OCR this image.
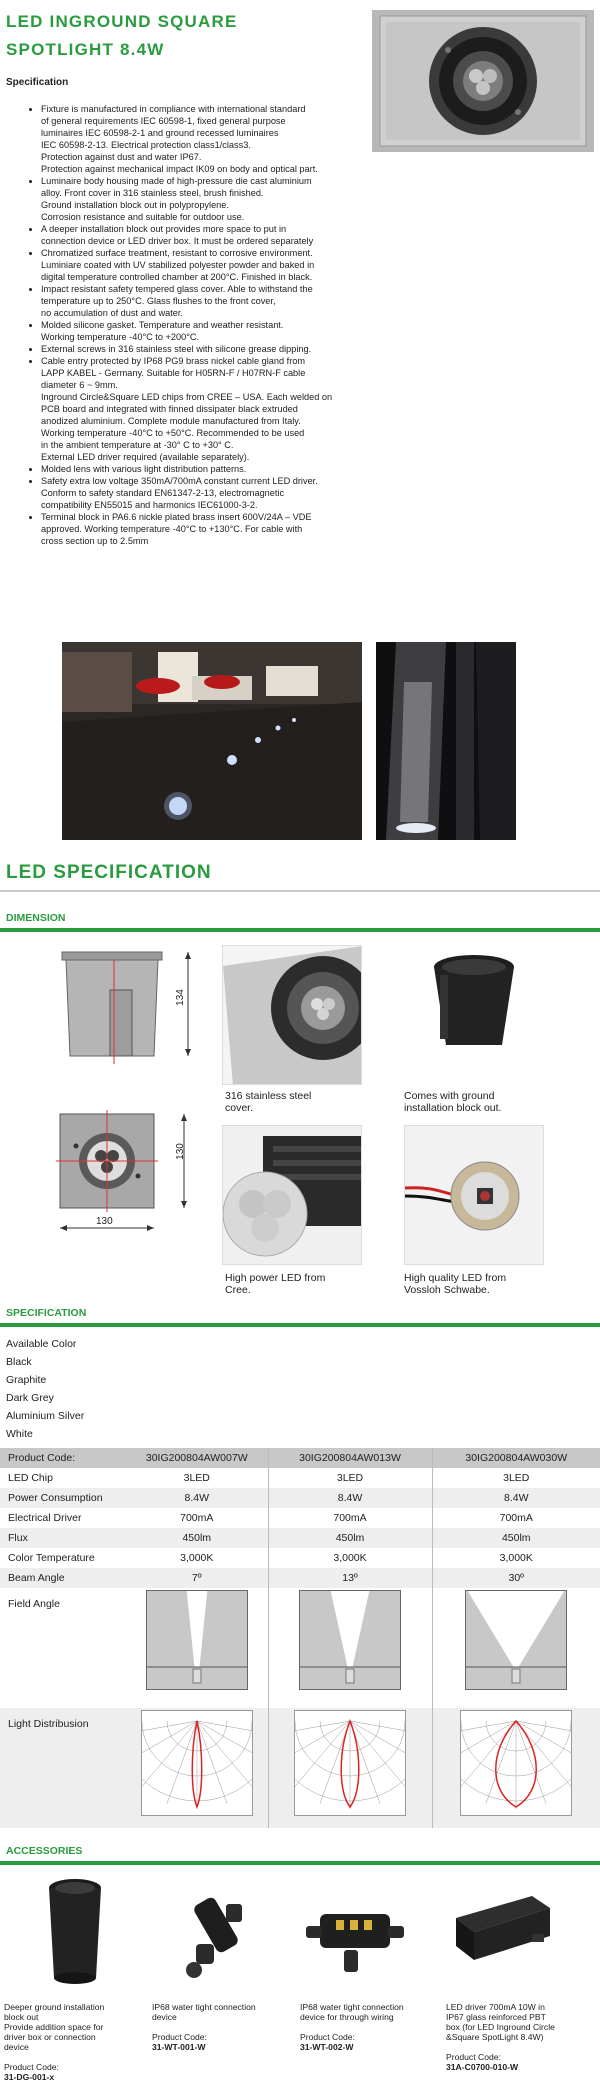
LED INGROUND SQUARE
SPOTLIGHT 8.4W
Specification
• Fixture is manufactured in compliance with international standard
of general requirements IEC 60598-1, fixed general purpose
luminaires IEC 60598-2-1 and ground recessed luminaires
IEC 60598-2-13. Electrical protection class1/class3.
Protection against dust and water IP67.
Protection against mechanical impact IK09 on body and optical part.
• Luminaire body housing made of high-pressure die cast aluminium
alloy. Front cover in 316 stainless steel, brush finished.
Ground installation block out in polypropylene.
Corrosion resistance and suitable for outdoor use.
• A deeper installation block out provides more space to put in
connection device or LED driver box. It must be ordered separately
• Chromatized surface treatment, resistant to corrosive environment.
Luminiare coated with UV stabilized polyester powder and baked in
digital temperature controlled chamber at 200°C. Finished in black.
• Impact resistant safety tempered glass cover. Able to withstand the
temperature up to 250°C. Glass flushes to the front cover,
no accumulation of dust and water.
• Molded silicone gasket. Temperature and weather resistant.
Working temperature -40°C to +200°C.
• External screws in 316 stainless steel with silicone grease dipping.
• Cable entry protected by IP68 PG9 brass nickel cable gland from
LAPP KABEL - Germany. Suitable for H05RN-F / H07RN-F cable
diameter 6 ~ 9mm.
Inground Circle&Square LED chips from CREE – USA. Each welded on
PCB board and integrated with finned dissipater black extruded
anodized aluminium. Complete module manufactured from Italy.
Working temperature -40°C to +50°C. Recommended to be used
in the ambient temperature at -30° C to +30° C.
External LED driver required (available separately).
• Molded lens with various light distribution patterns.
• Safety extra low voltage 350mA/700mA constant current LED driver.
Conform to safety standard EN61347-2-13, electromagnetic
compatibility EN55015 and harmonics IEC61000-3-2.
• Terminal block in PA6.6 nickle plated brass insert 600V/24A – VDE
approved. Working temperature -40°C to +130°C. For cable with
cross section up to 2.5mm
LED SPECIFICATION
DIMENSION
134
130
130
316 stainless steel
cover.
Comes with ground
installation block out.
High power LED from
Cree.
High quality LED from
Vossloh Schwabe.
SPECIFICATION
Available Color
Black
Graphite
Dark Grey
Aluminium Silver
White
Product Code:	30IG200804AW007W	30IG200804AW013W	30IG200804AW030W
LED Chip	3LED	3LED	3LED
Power Consumption	8.4W	8.4W	8.4W
Electrical Driver	700mA	700mA	700mA
Flux	450lm	450lm	450lm
Color Temperature	3,000K	3,000K	3,000K
Beam Angle	7º	13º	30º
Field Angle			
Light Distribusion			
ACCESSORIES

Deeper ground installation
block out
Provide addition space for
driver box or connection
device

Product Code:
31-DG-001-x

IP68 water tight connection
device

Product Code:
31-WT-001-W

IP68 water tight connection
device for through wiring

Product Code:
31-WT-002-W

LED driver 700mA 10W in
IP67 glass reinforced PBT
box (for LED Inground Circle
&Square SpotLight 8.4W)

Product Code:
31A-C0700-010-W
